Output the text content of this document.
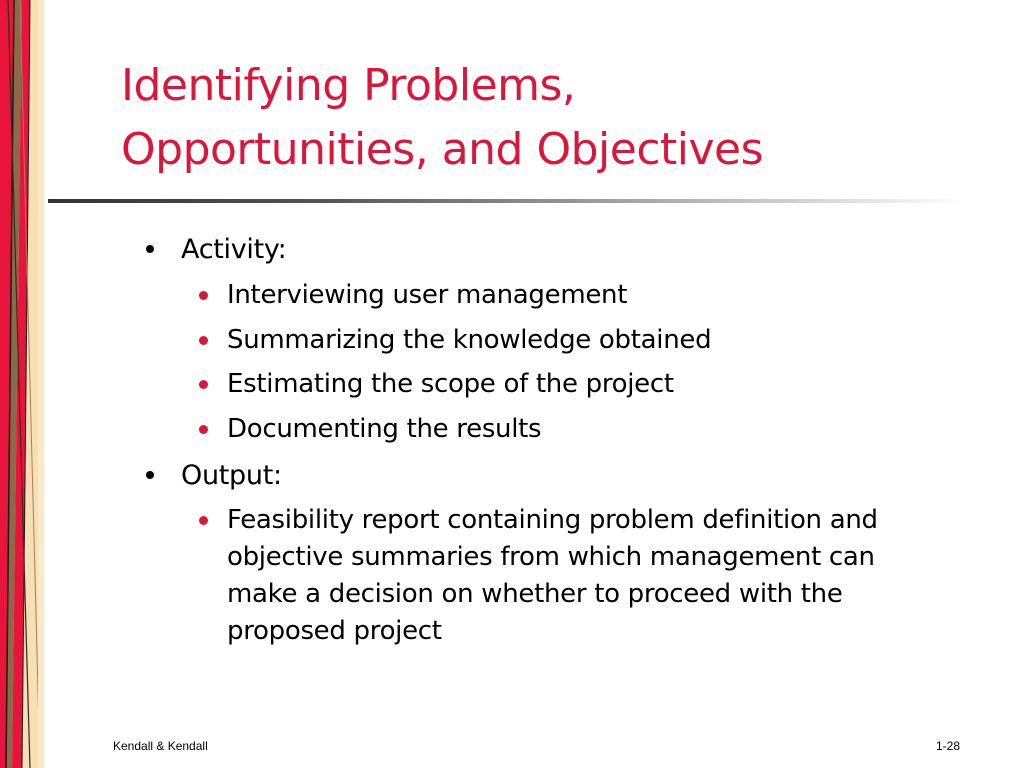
Identifying Problems,
Opportunities, and Objectives

Activity:

Interviewing user management

Summarizing the knowledge obtained

Estimating the scope of the project

Documenting the results

Output:

Feasibility report containing problem definition and

objective summaries from which management can

make a decision on whether to proceed with the

proposed project

Kendall & Kendall	1-28
